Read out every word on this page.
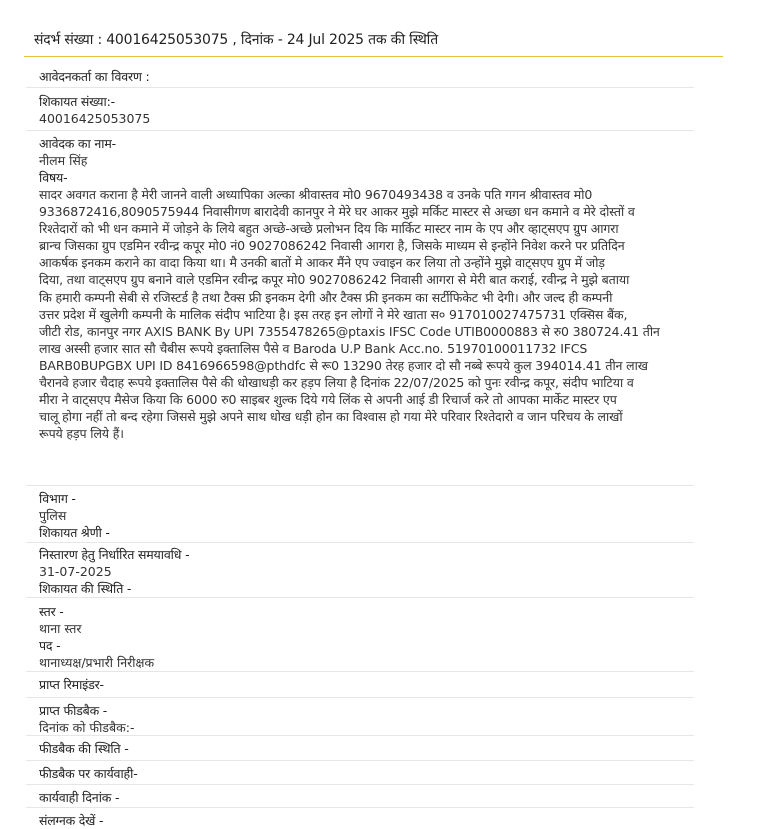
संदर्भ संख्या : 40016425053075 , दिनांक - 24 Jul 2025 तक की स्थिति
आवेदनकर्ता का विवरण :
शिकायत संख्या:-
40016425053075
आवेदक का नाम-
नीलम सिंह
विषय-
सादर अवगत कराना है मेरी जानने वाली अध्यापिका अल्का श्रीवास्तव मो0 9670493438 व उनके पति गगन श्रीवास्तव मो0
9336872416,8090575944 निवासीगण बारादेवी कानपुर ने मेरे घर आकर मुझे मर्किट मास्टर से अच्छा धन कमाने व मेरे दोस्तों व
रिश्तेदारों को भी धन कमाने में जोड़ने के लिये बहुत अच्छे-अच्छे प्रलोभन दिय कि मार्किट मास्टर नाम के एप और व्हाट्सएप ग्रुप आगरा
ब्रान्च जिसका ग्रुप एडमिन रवीन्द्र कपूर मो0 नं0 9027086242 निवासी आगरा है, जिसके माध्यम से इन्होंने निवेश करने पर प्रतिदिन
आकर्षक इनकम कराने का वादा किया था। मै उनकी बातों मे आकर मैंने एप ज्वाइन कर लिया तो उन्होंने मुझे वाट्सएप ग्रुप में जोड़
दिया, तथा वाट्सएप ग्रुप बनाने वाले एडमिन रवीन्द्र कपूर मो0 9027086242 निवासी आगरा से मेरी बात कराई, रवीन्द्र ने मुझे बताया
कि हमारी कम्पनी सेबी से रजिस्टर्ड है तथा टैक्स फ्री इनकम देगी और टैक्स फ्री इनकम का सर्टीफिकेट भी देगी। और जल्द ही कम्पनी
उत्तर प्रदेश में खुलेगी कम्पनी के मालिक संदीप भाटिया है। इस तरह इन लोगों ने मेरे खाता स० 917010027475731 एक्सिस बैंक,
जीटी रोड, कानपुर नगर AXIS BANK By UPI 7355478265@ptaxis IFSC Code UTIB0000883 से रु0 380724.41 तीन
लाख अस्सी हजार सात सौ चैबीस रूपये इक्तालिस पैसे व Baroda U.P Bank Acc.no. 51970100011732 IFCS
BARB0BUPGBX UPI ID 8416966598@pthdfc से रू0 13290 तेरह हजार दो सौ नब्बे रूपये कुल 394014.41 तीन लाख
चैरानवे हजार चैदाह रूपये इक्तालिस पैसे की धोखाधड़ी कर हड़प लिया है दिनांक 22/07/2025 को पुनः रवीन्द्र कपूर, संदीप भाटिया व
मीरा ने वाट्सएप मैसेज किया कि 6000 रु0 साइबर शुल्क दिये गये लिंक से अपनी आई डी रिचार्ज करे तो आपका मार्केट मास्टर एप
चालू होगा नहीं तो बन्द रहेगा जिससे मुझे अपने साथ धोख धड़ी होन का विश्वास हो गया मेरे परिवार रिश्तेदारो व जान परिचय के लाखों
रूपये हड़प लिये हैं।
विभाग -
पुलिस
शिकायत श्रेणी -
निस्तारण हेतु निर्धारित समयावधि -
31-07-2025
शिकायत की स्थिति -
स्तर -
थाना स्तर
पद -
थानाध्यक्ष/प्रभारी निरीक्षक
प्राप्त रिमाइंडर-
प्राप्त फीडबैक -
दिनांक को फीडबैक:-
फीडबैक की स्थिति -
फीडबैक पर कार्यवाही-
कार्यवाही दिनांक -
संलग्नक देखें -
